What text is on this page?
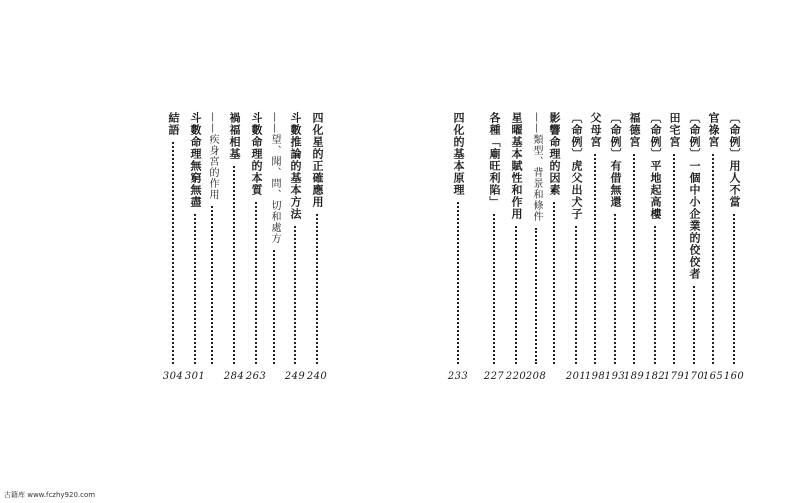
結語
304
斗數命理無窮無盡
301
——疾身宮的作用 禍福相基
284
斗數命理的本質
263
——望、聞、問、切和處方 斗數推論的基本方法
249
四化星的正確應用
240
四化的基本原理
233
各種「廟旺利陷」
227
星曜基本賦性和作用
220
——類型、背景和條件
208
影響命理的因素 〔命例〕虎父出犬子
201
父母宮
198
〔命例〕有借無還
193
福德宮
189
〔命例〕平地起高樓
182
田宅宮
179
〔命例〕一個中小企業的佼佼者
170
官祿宮
165
〔命例〕用人不當
160
古籍库 www.fczhy920.com
